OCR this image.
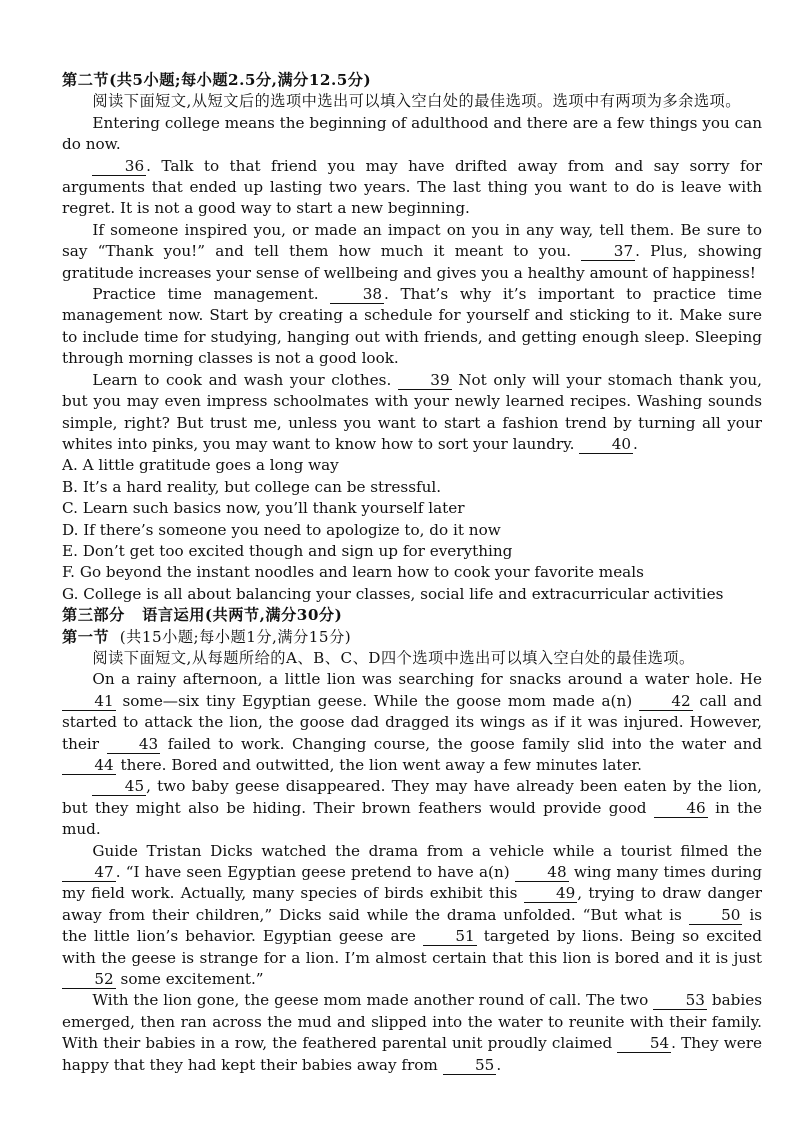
第二节(共5小题;每小题2.5分,满分12.5分)

阅读下面短文,从短文后的选项中选出可以填入空白处的最佳选项。选项中有两项为多余选项。

Entering college means the beginning of adulthood and there are a few things you can do now.

36 . Talk to that friend you may have drifted away from and say sorry for arguments that ended up lasting two years. The last thing you want to do is leave with regret. It is not a good way to start a new beginning.

If someone inspired you, or made an impact on you in any way, tell them. Be sure to say “Thank you!” and tell them how much it meant to you.	37 . Plus, showing gratitude increases your sense of wellbeing and gives you a healthy amount of happiness!

Practice time management.	38 . That’s why it’s important to practice time management now. Start by creating a schedule for yourself and sticking to it. Make sure to include time for studying, hanging out with friends, and getting enough sleep. Sleeping through morning classes is not a good look.

Learn to cook and wash your clothes.	39 Not only will your stomach thank you, but you may even impress schoolmates with your newly learned recipes. Washing sounds simple, right? But trust me, unless you want to start a fashion trend by turning all your whites into pinks, you may want to know how to sort your laundry. 40 .

A. A little gratitude goes a long way

B. It’s a hard reality, but college can be stressful.

C. Learn such basics now, you’ll thank yourself later

D. If there’s someone you need to apologize to, do it now

E. Don’t get too excited though and sign up for everything

F. Go beyond the instant noodles and learn how to cook your favorite meals

G. College is all about balancing your classes, social life and extracurricular activities

第三部分 语言运用(共两节,满分30分)

第一节 (共15小题;每小题1分,满分15分)

阅读下面短文,从每题所给的A、B、C、D四个选项中选出可以填入空白处的最佳选项。

On a rainy afternoon, a little lion was searching for snacks around a water hole. He 41 some—six tiny Egyptian geese. While the goose mom made a(n)	42 call and started to attack the lion, the goose dad dragged its wings as if it was injured. However, their	43 failed to work. Changing course, the goose family slid into the water and 44 there. Bored and outwitted, the lion went away a few minutes later.

45 , two baby geese disappeared. They may have already been eaten by the lion, but they might also be hiding. Their brown feathers would provide good	46 in the mud.

Guide Tristan Dicks watched the drama from a vehicle while a tourist filmed the 47 . “I have seen Egyptian geese pretend to have a(n) 48 wing many times during my field work. Actually, many species of birds exhibit this	49 , trying to draw danger away from their children,” Dicks said while the drama unfolded. “But what is	50 is the little lion’s behavior. Egyptian geese are	51 targeted by lions. Being so excited with the geese is strange for a lion. I’m almost certain that this lion is bored and it is just 52 some excitement.”

With the lion gone, the geese mom made another round of call. The two 53 babies emerged, then ran across the mud and slipped into the water to reunite with their family. With their babies in a row, the feathered parental unit proudly claimed 54 . They were happy that they had kept their babies away from 55 .
